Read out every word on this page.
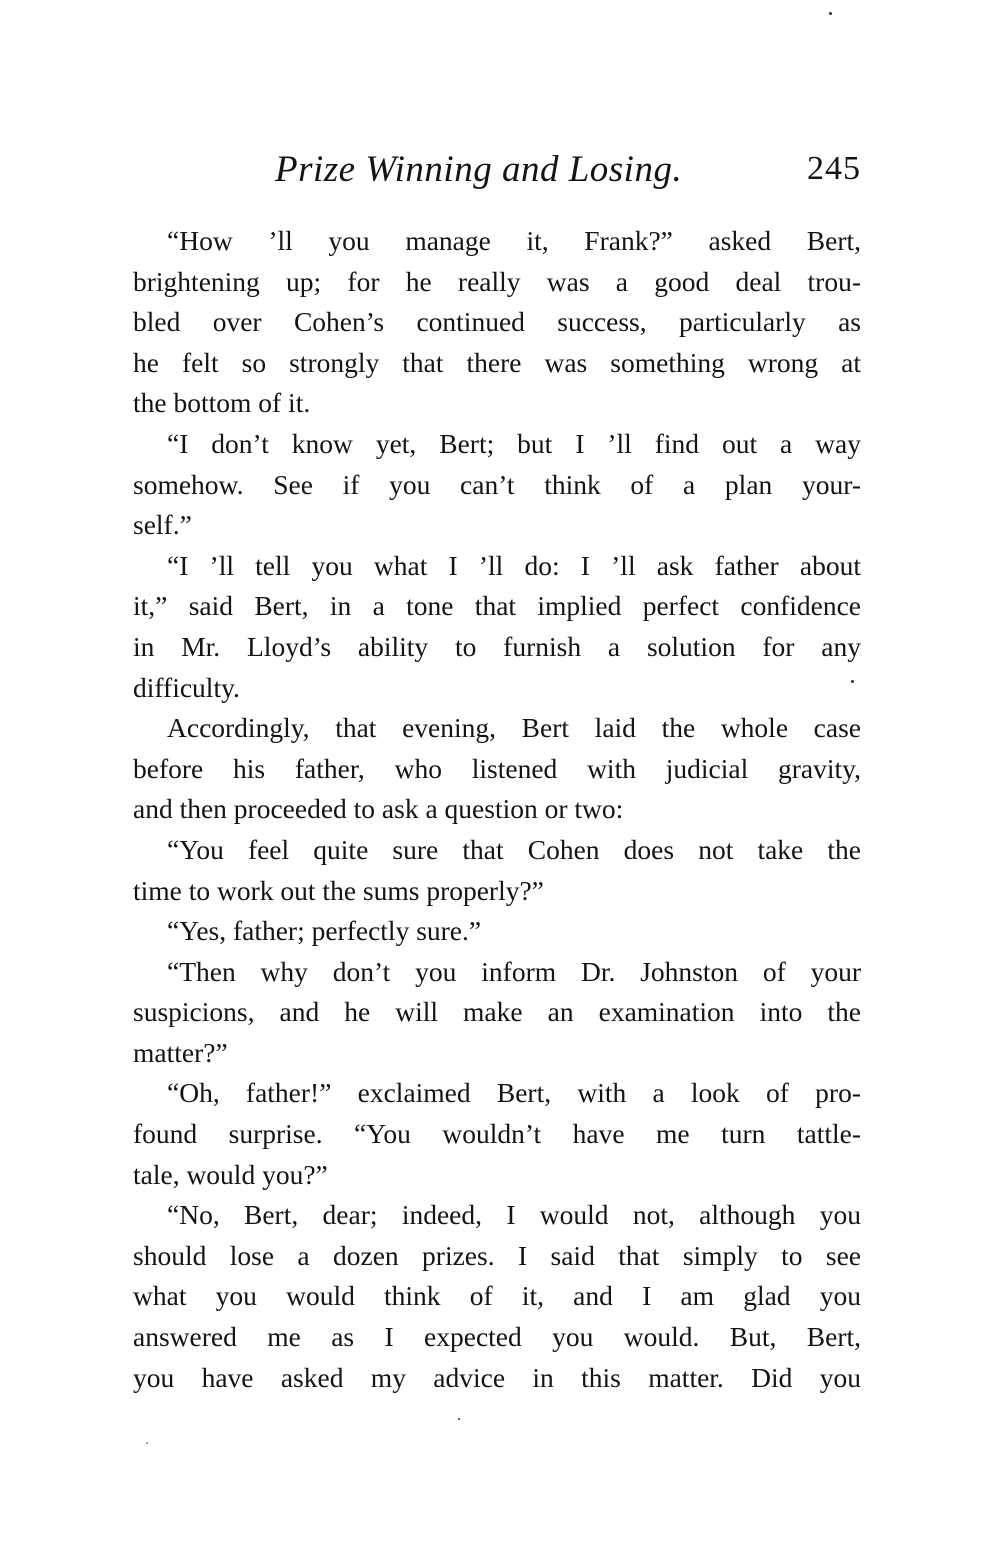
Prize Winning and Losing.	245
“How ’ll you manage it, Frank?” asked Bert,
brightening up; for he really was a good deal trou-
bled over Cohen’s continued success, particularly as
he felt so strongly that there was something wrong at
the bottom of it.
“I don’t know yet, Bert; but I ’ll find out a way
somehow. See if you can’t think of a plan your-
self.”
“I ’ll tell you what I ’ll do: I ’ll ask father about
it,” said Bert, in a tone that implied perfect confidence
in Mr. Lloyd’s ability to furnish a solution for any
difficulty.
Accordingly, that evening, Bert laid the whole case
before his father, who listened with judicial gravity,
and then proceeded to ask a question or two:
“You feel quite sure that Cohen does not take the
time to work out the sums properly?”
“Yes, father; perfectly sure.”
“Then why don’t you inform Dr. Johnston of your
suspicions, and he will make an examination into the
matter?”
“Oh, father!” exclaimed Bert, with a look of pro-
found surprise. “You wouldn’t have me turn tattle-
tale, would you?”
“No, Bert, dear; indeed, I would not, although you
should lose a dozen prizes. I said that simply to see
what you would think of it, and I am glad you
answered me as I expected you would. But, Bert,
you have asked my advice in this matter. Did you
